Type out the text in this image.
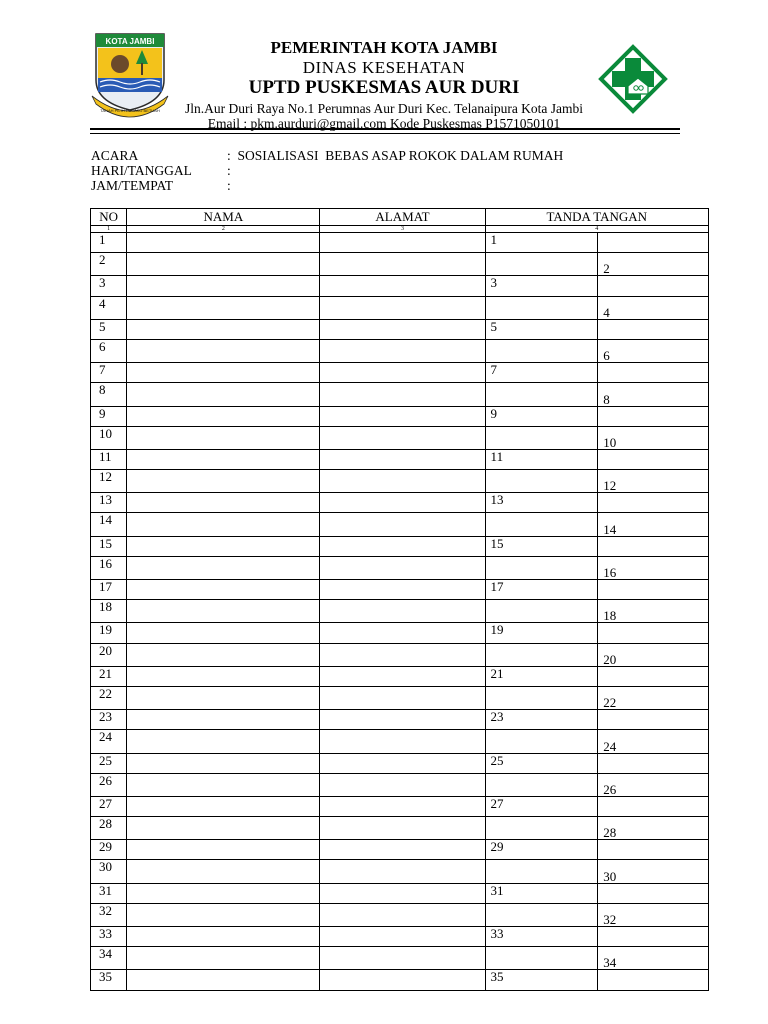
KOTA JAMBI
TANAH PILIH PUSAKO BETUAH
PEMERINTAH KOTA JAMBI
DINAS KESEHATAN
UPTD PUSKESMAS AUR DURI
Jln.Aur Duri Raya No.1 Perumnas Aur Duri Kec. Telanaipura Kota Jambi
Email : pkm.aurduri@gmail.com Kode Puskesmas P1571050101
ACARA	:  SOSIALISASI  BEBAS ASAP ROKOK DALAM RUMAH
HARI/TANGGAL	:
JAM/TEMPAT	:
NO	NAMA	ALAMAT	TANDA TANGAN	
1	2	3	4	
1			1	
2				2
3			3	
4				4
5			5	
6				6
7			7	
8				8
9			9	
10				10
11			11	
12				12
13			13	
14				14
15			15	
16				16
17			17	
18				18
19			19	
20				20
21			21	
22				22
23			23	
24				24
25			25	
26				26
27			27	
28				28
29			29	
30				30
31			31	
32				32
33			33	
34				34
35			35	
